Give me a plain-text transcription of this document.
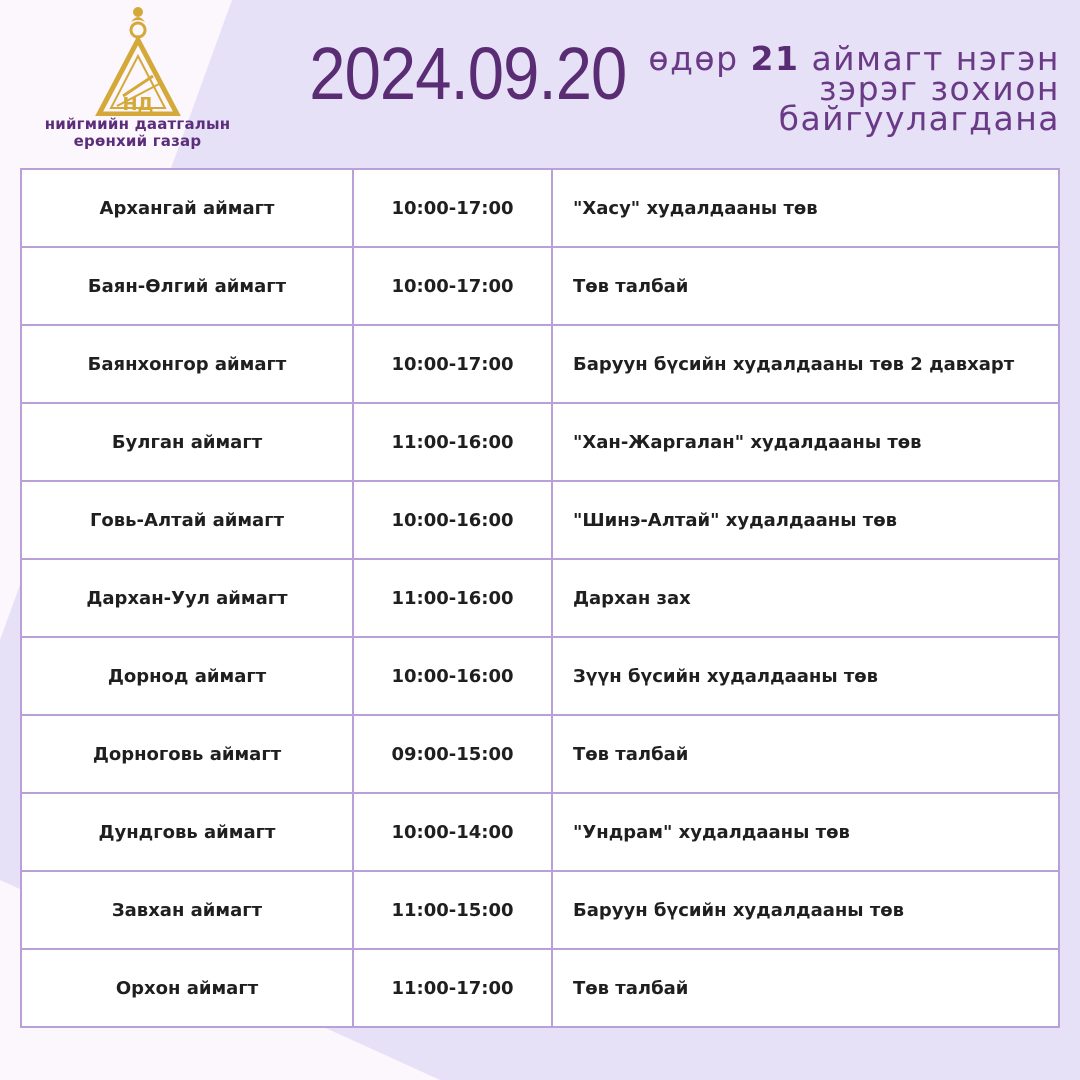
НД
нийгмийн даатгалын
ерөнхий газар
2024.09.20 өдөр 21 аймагт нэгэн
зэрэг зохион
байгуулагдана
Архангай аймагт	10:00-17:00	"Хасу" худалдааны төв
Баян-Өлгий аймагт	10:00-17:00	Төв талбай
Баянхонгор аймагт	10:00-17:00	Баруун бүсийн худалдааны төв 2 давхарт
Булган аймагт	11:00-16:00	"Хан-Жаргалан" худалдааны төв
Говь-Алтай аймагт	10:00-16:00	"Шинэ-Алтай" худалдааны төв
Дархан-Уул аймагт	11:00-16:00	Дархан зах
Дорнод аймагт	10:00-16:00	Зүүн бүсийн худалдааны төв
Дорноговь аймагт	09:00-15:00	Төв талбай
Дундговь аймагт	10:00-14:00	"Ундрам" худалдааны төв
Завхан аймагт	11:00-15:00	Баруун бүсийн худалдааны төв
Орхон аймагт	11:00-17:00	Төв талбай
